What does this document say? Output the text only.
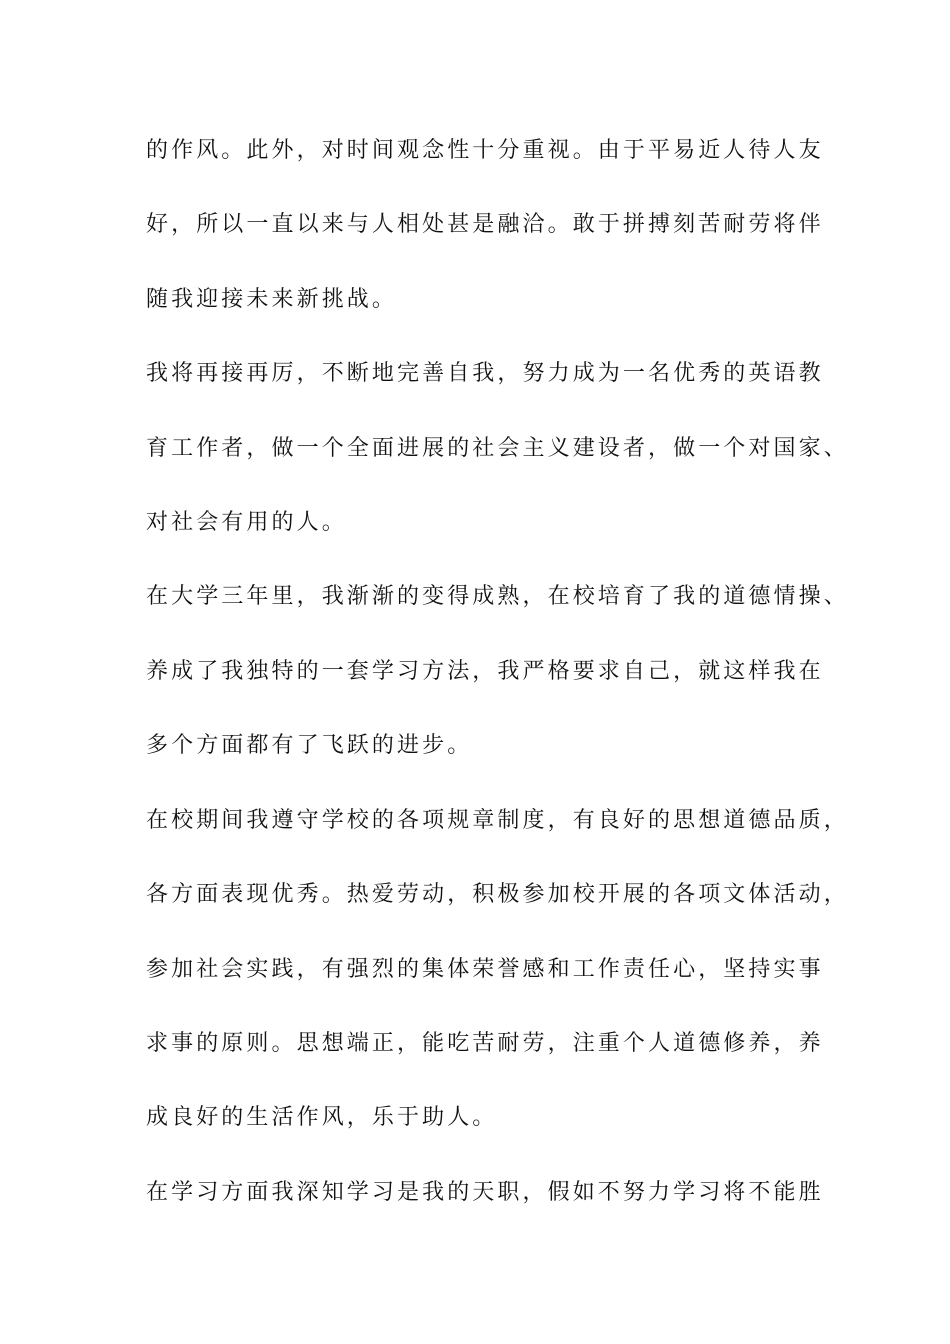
的作风。此外，对时间观念性十分重视。由于平易近人待人友
好，所以一直以来与人相处甚是融洽。敢于拼搏刻苦耐劳将伴
随我迎接未来新挑战。
我将再接再厉，不断地完善自我，努力成为一名优秀的英语教
育工作者，做一个全面进展的社会主义建设者，做一个对国家、
对社会有用的人。
在大学三年里，我渐渐的变得成熟，在校培育了我的道德情操、
养成了我独特的一套学习方法，我严格要求自己，就这样我在
多个方面都有了飞跃的进步。
在校期间我遵守学校的各项规章制度，有良好的思想道德品质，
各方面表现优秀。热爱劳动，积极参加校开展的各项文体活动，
参加社会实践，有强烈的集体荣誉感和工作责任心，坚持实事
求事的原则。思想端正，能吃苦耐劳，注重个人道德修养，养
成良好的生活作风，乐于助人。
在学习方面我深知学习是我的天职，假如不努力学习将不能胜
